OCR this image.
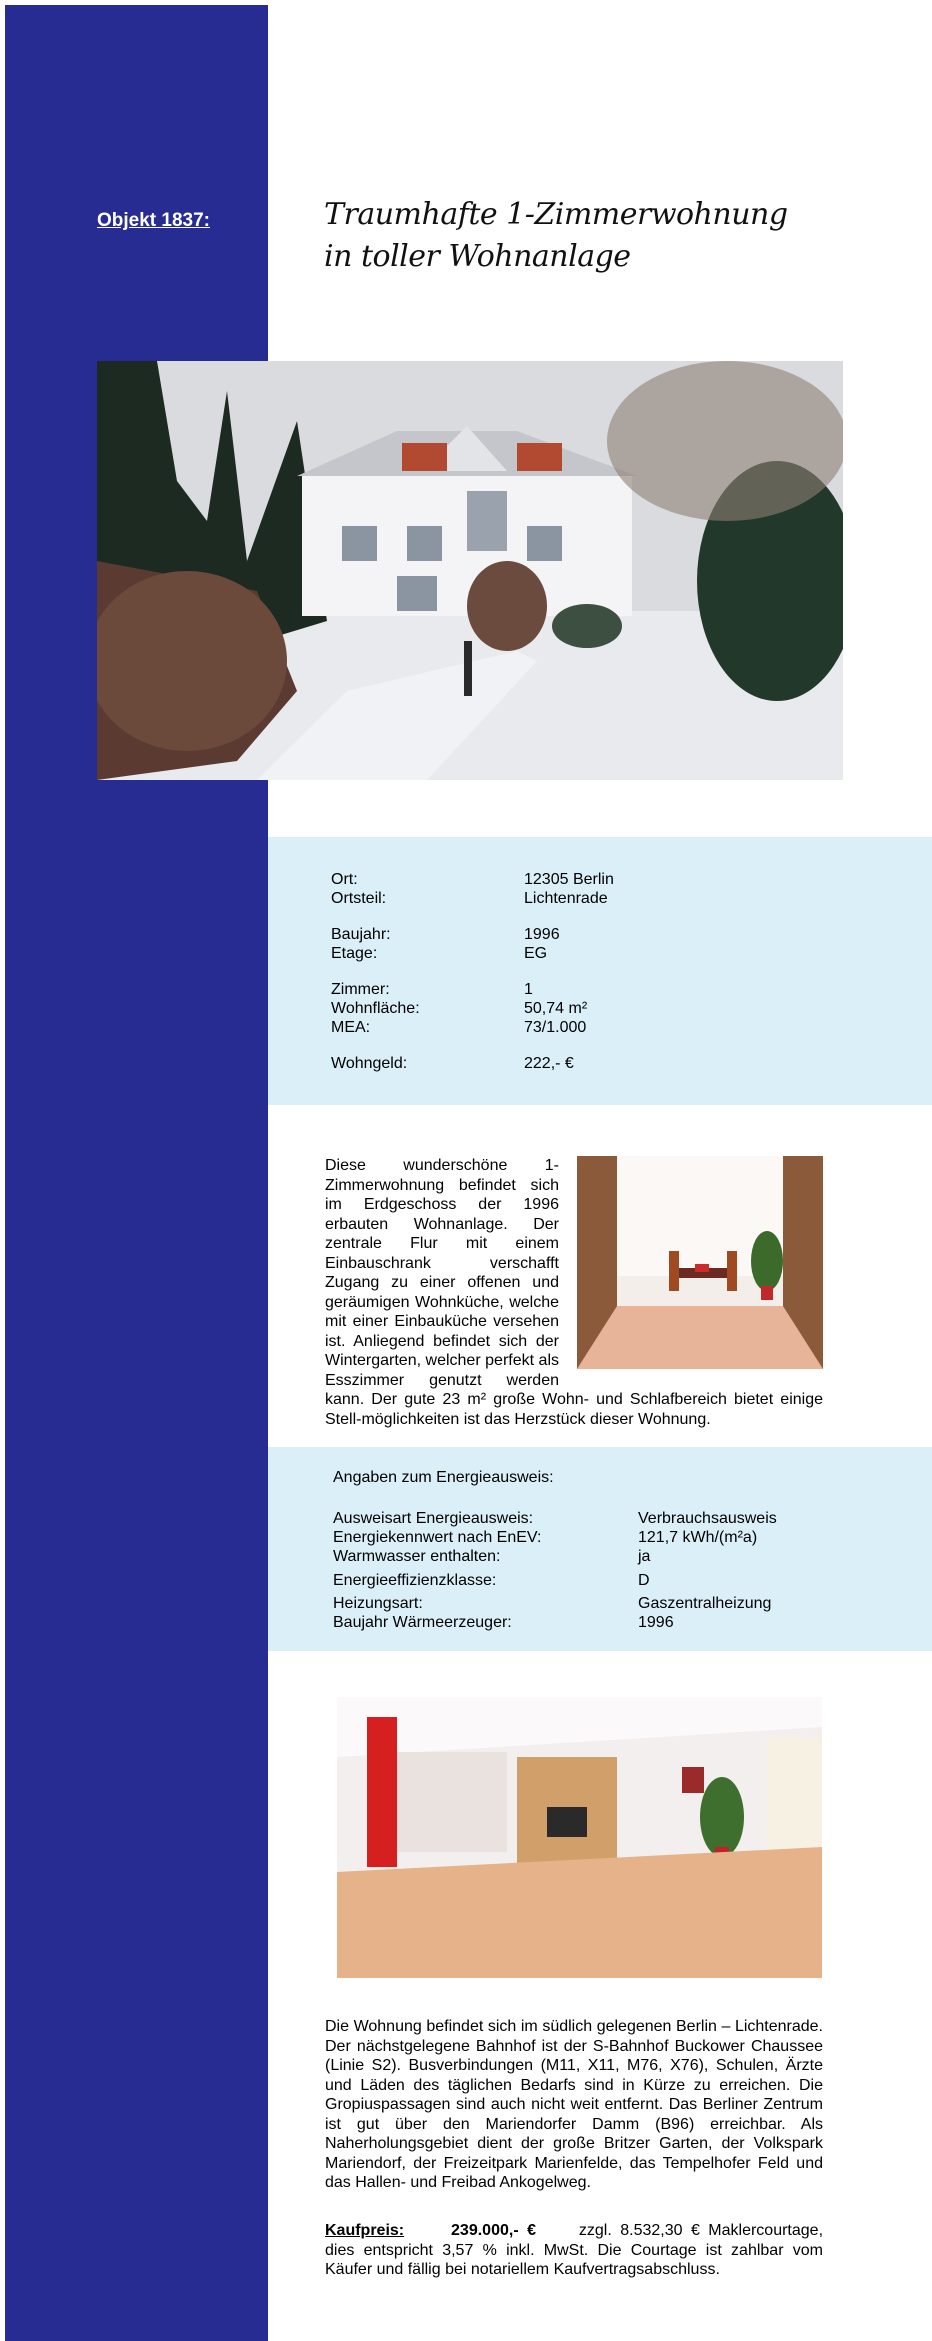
Objekt 1837:	Traumhafte 1-Zimmerwohnung
in toller Wohnanlage
Ort:	12305 Berlin
Ortsteil:	Lichtenrade
Baujahr:	1996
Etage:	EG
Zimmer:	1
Wohnfläche:	50,74 m²
MEA:	73/1.000
Wohngeld:	222,- €
Diese wunderschöne 1-Zimmerwohnung befindet sich im Erdgeschoss der 1996 erbauten Wohnanlage. Der zentrale Flur mit einem Einbauschrank verschafft Zugang zu einer offenen und geräumigen Wohnküche, welche mit einer Einbauküche versehen ist. Anliegend befindet sich der Wintergarten, welcher perfekt als Esszimmer genutzt werden kann. Der gute 23 m² große Wohn- und Schlafbereich bietet einige Stell-möglichkeiten ist das Herzstück dieser Wohnung.
Angaben zum Energieausweis:
Ausweisart Energieausweis:	Verbrauchsausweis
Energiekennwert nach EnEV:	121,7 kWh/(m²a)
Warmwasser enthalten:	ja
Energieeffizienzklasse:	D
Heizungsart:	Gaszentralheizung
Baujahr Wärmeerzeuger:	1996
Die Wohnung befindet sich im südlich gelegenen Berlin – Lichtenrade. Der nächstgelegene Bahnhof ist der S-Bahnhof Buckower Chaussee (Linie S2). Busverbindungen (M11, X11, M76, X76), Schulen, Ärzte und Läden des täglichen Bedarfs sind in Kürze zu erreichen. Die Gropiuspassagen sind auch nicht weit entfernt. Das Berliner Zentrum ist gut über den Mariendorfer Damm (B96) erreichbar. Als Naherholungsgebiet dient der große Britzer Garten, der Volkspark Mariendorf, der Freizeitpark Marienfelde, das Tempelhofer Feld und das Hallen- und Freibad Ankogelweg.
Kaufpreis:	239.000,- €	zzgl. 8.532,30 € Maklercourtage, dies entspricht 3,57 % inkl. MwSt. Die Courtage ist zahlbar vom Käufer und fällig bei notariellem Kaufvertragsabschluss.
